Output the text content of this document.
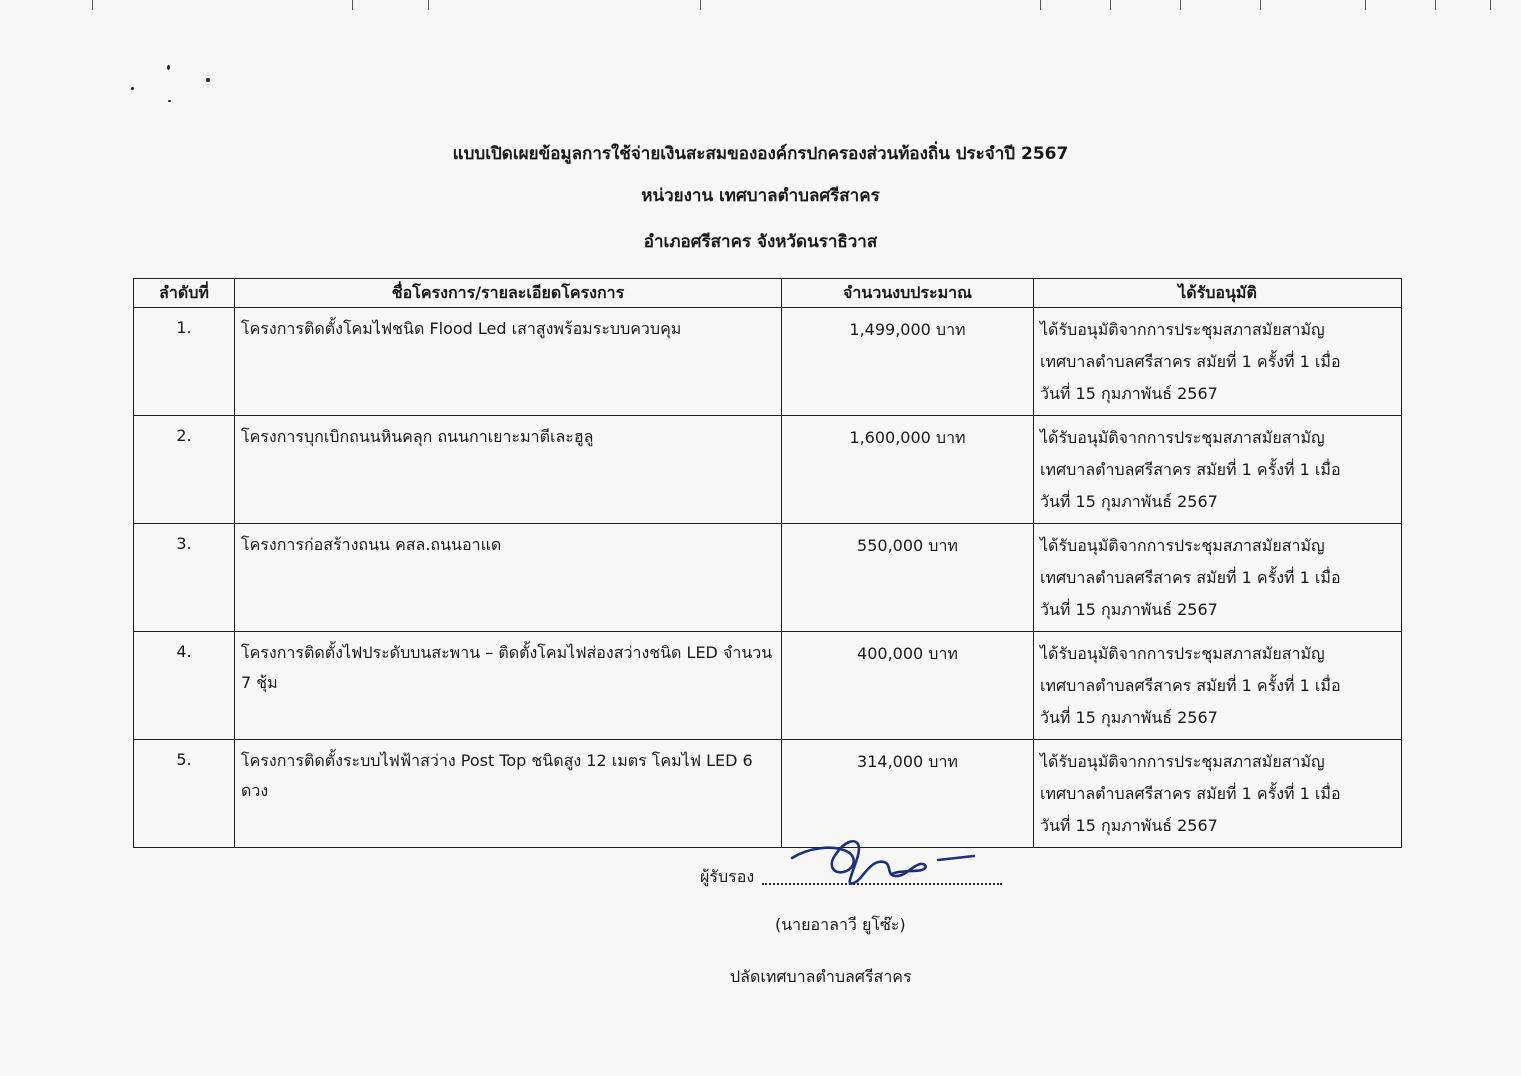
แบบเปิดเผยข้อมูลการใช้จ่ายเงินสะสมขององค์กรปกครองส่วนท้องถิ่น ประจำปี 2567

หน่วยงาน เทศบาลตำบลศรีสาคร

อำเภอศรีสาคร จังหวัดนราธิวาส

ลำดับที่	ชื่อโครงการ/รายละเอียดโครงการ	จำนวนงบประมาณ	ได้รับอนุมัติ
1.	โครงการติดตั้งโคมไฟชนิด Flood Led เสาสูงพร้อมระบบควบคุม	1,499,000 บาท	ได้รับอนุมัติจากการประชุมสภาสมัยสามัญ
เทศบาลตำบลศรีสาคร สมัยที่ 1 ครั้งที่ 1 เมื่อ
วันที่ 15 กุมภาพันธ์ 2567

2.	โครงการบุกเบิกถนนหินคลุก ถนนกาเยาะมาตีเละฮูลู	1,600,000 บาท	ได้รับอนุมัติจากการประชุมสภาสมัยสามัญ
เทศบาลตำบลศรีสาคร สมัยที่ 1 ครั้งที่ 1 เมื่อ
วันที่ 15 กุมภาพันธ์ 2567

3.	โครงการก่อสร้างถนน คสล.ถนนอาแด	550,000 บาท	ได้รับอนุมัติจากการประชุมสภาสมัยสามัญ
เทศบาลตำบลศรีสาคร สมัยที่ 1 ครั้งที่ 1 เมื่อ
วันที่ 15 กุมภาพันธ์ 2567

4.	โครงการติดตั้งไฟประดับบนสะพาน – ติดตั้งโคมไฟส่องสว่างชนิด LED จำนวน 7 ชุ้ม	400,000 บาท	ได้รับอนุมัติจากการประชุมสภาสมัยสามัญ
เทศบาลตำบลศรีสาคร สมัยที่ 1 ครั้งที่ 1 เมื่อ
วันที่ 15 กุมภาพันธ์ 2567

5.	โครงการติดตั้งระบบไฟฟ้าสว่าง Post Top ชนิดสูง 12 เมตร โคมไฟ LED 6 ดวง	314,000 บาท	ได้รับอนุมัติจากการประชุมสภาสมัยสามัญ
เทศบาลตำบลศรีสาคร สมัยที่ 1 ครั้งที่ 1 เมื่อ
วันที่ 15 กุมภาพันธ์ 2567
ผู้รับรอง
(นายอาลาวี ยูโซ๊ะ)
ปลัดเทศบาลตำบลศรีสาคร
